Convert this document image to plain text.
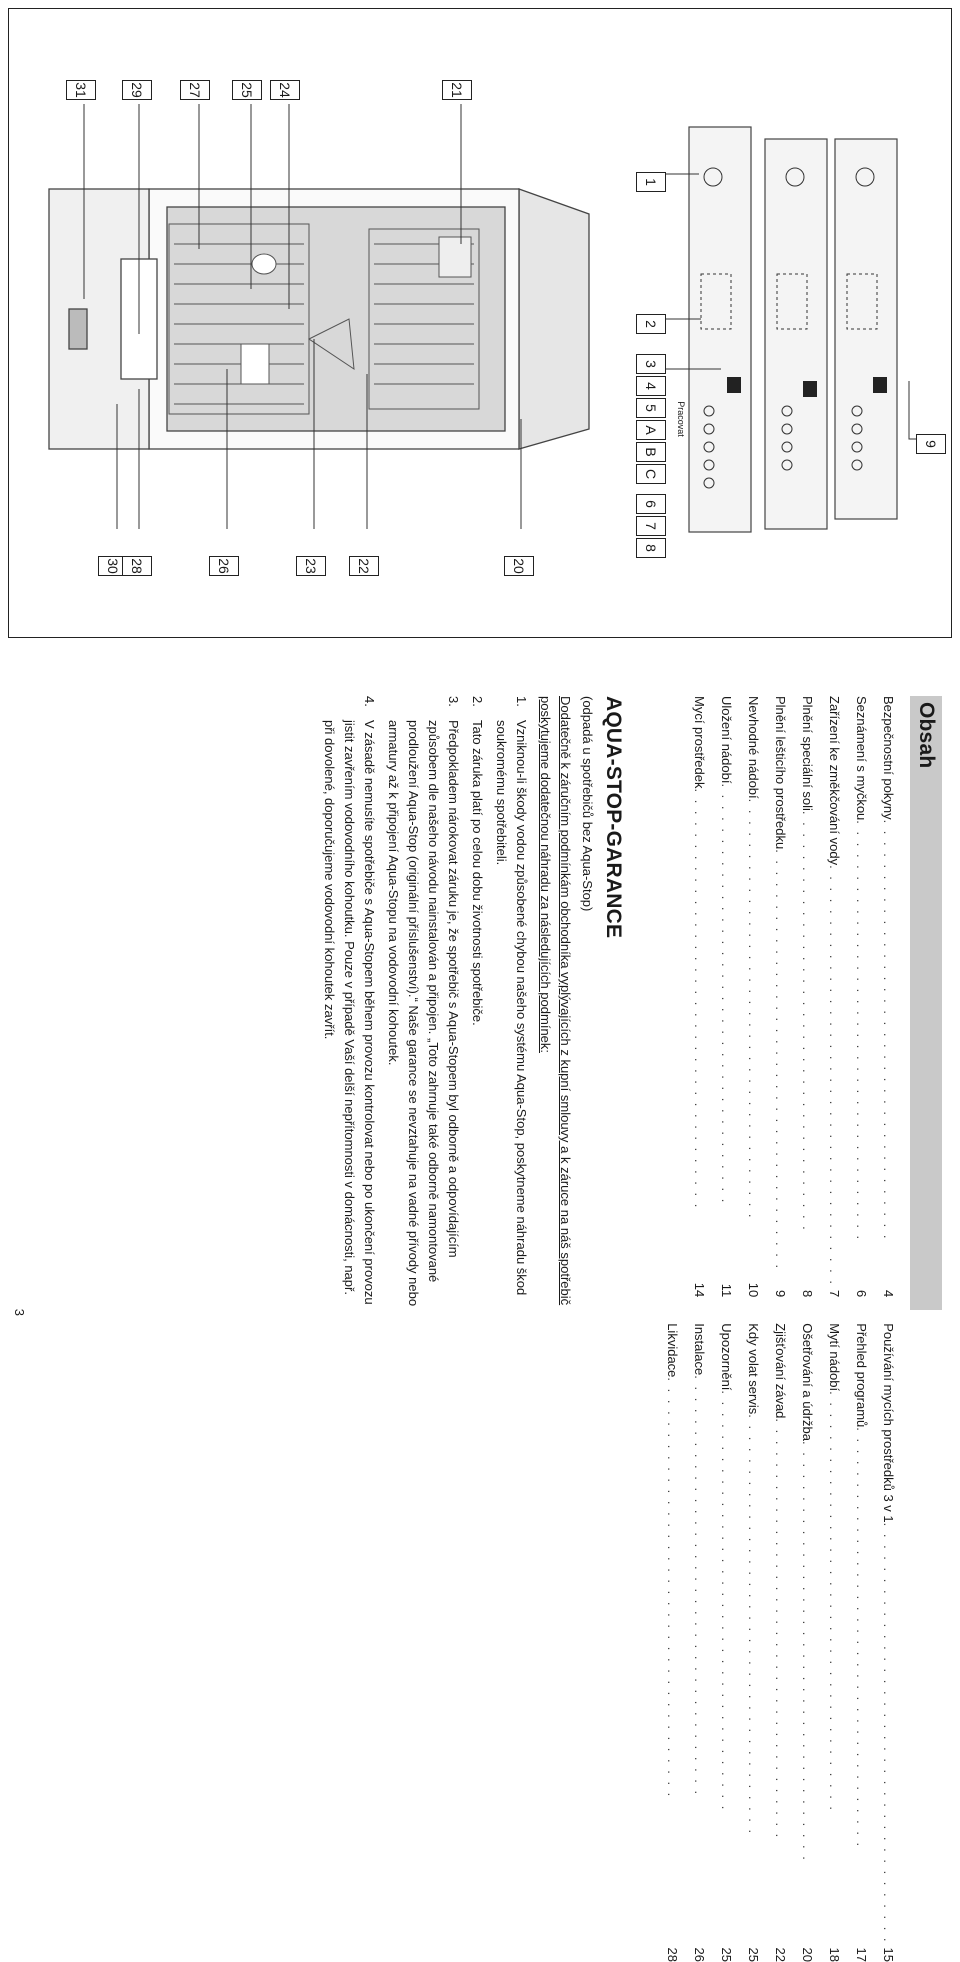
1
2
3
4
5
A
B
C
6
7
8
9
31	29	27	25	24	21
30 28	26	23	22	20
Pracovat
Obsah
Bezpečnostní pokyny
. . .
4
Seznámení s myčkou
. . .
6
Zařízení ke změkčování vody
. . .
7
Plnění speciální soli
. . .
8
Plnění lešticího prostředku
. . .
9
Nevhodné nádobí
. . .
10
Uložení nádobí
. . .
11
Mycí prostředek
. . .
14
Používání mycích prostředků 3 v 1
. . .
15
Přehled programů
. . .
17
Mytí nádobí
. . .
18
Ošetřování a údržba
. . .
20
Zjišťování závad
. . .
22
Kdy volat servis
. . .
25
Upozornění
. . .
25
Instalace
. . .
26
Likvidace
. . .
28
AQUA-STOP-GARANCE

(odpadá u spotřebičů bez Aqua-Stop)

Dodatečně k záručním podmínkám obchodníka vyplývajících z kupní smlouvy a k záruce na náš spotřebič poskytujeme dodatečnou náhradu za následujících podmínek:

1.
Vzniknou-li škody vodou způsobené chybou našeho systému Aqua-Stop, poskytneme náhradu škod soukromému spotřebiteli.
2.
Tato záruka platí po celou dobu životnosti spotřebiče.
3.
Předpokladem nárokovat záruku je, že spotřebič s Aqua-Stopem byl odborně a odpovídajícím způsobem dle našeho návodu nainstalován a připojen. „Toto zahrnuje také odborně namontované prodloužení Aqua-Stop (originální příslušenství).“ Naše garance se nevztahuje na vadné přívody nebo armatury až k připojení Aqua-Stopu na vodovodní kohoutek.
4.
V zásadě nemusíte spotřebiče s Aqua-Stopem během provozu kontrolovat nebo po ukončení provozu jistit zavřením vodovodního kohoutku. Pouze v případě Vaší delší nepřítomnosti v domácnosti, např. při dovolené, doporučujeme vodovodní kohoutek zavřít.
3
